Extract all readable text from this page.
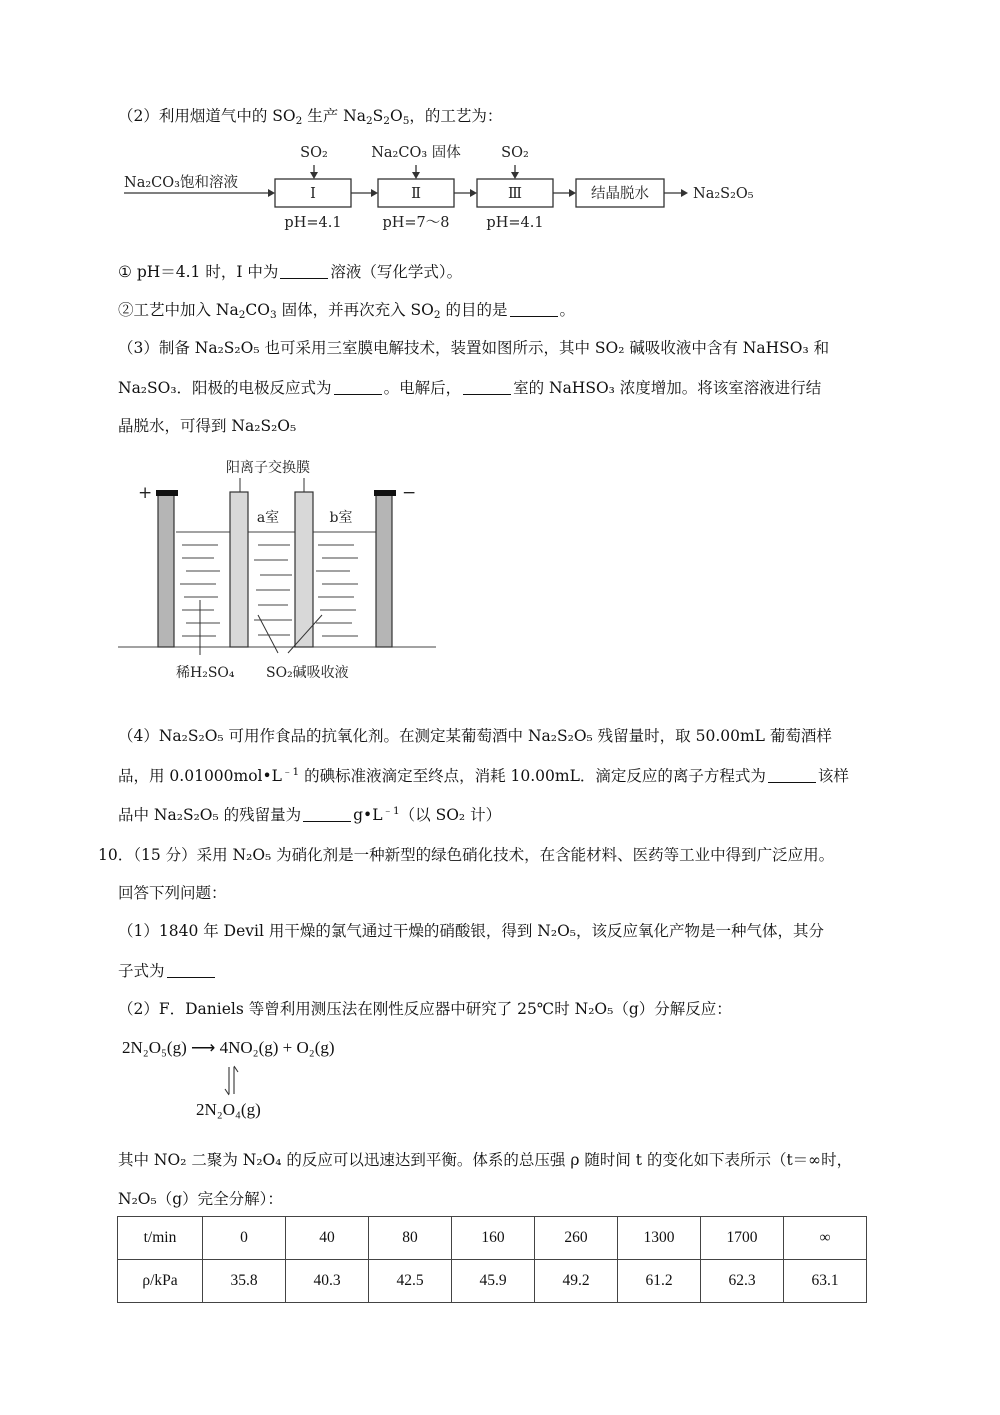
（2）利用烟道气中的 $SO_2$ 生产 $Na_2S_2O_5$，的工艺为：
Na₂CO₃饱和溶液
Ⅰ	Ⅱ	Ⅲ	结晶脱水
SO₂	Na₂CO₃ 固体	SO₂
pH=4.1	pH=7～8	pH=4.1
Na₂S₂O₅
① pH＝4.1 时，Ⅰ 中为	溶液（写化学式）。
②工艺中加入 $Na_2CO_3$ 固体，并再次充入 $SO_2$ 的目的是	。
（3）制备 Na₂S₂O₅ 也可采用三室膜电解技术，装置如图所示，其中 SO₂ 碱吸收液中含有 NaHSO₃ 和
Na₂SO₃．阳极的电极反应式为	。电解后，	室的 NaHSO₃ 浓度增加。将该室溶液进行结
晶脱水，可得到 Na₂S₂O₅
阳离子交换膜
a室	b室
+	−
稀H₂SO₄ SO₂碱吸收液
（4）Na₂S₂O₅ 可用作食品的抗氧化剂。在测定某葡萄酒中 Na₂S₂O₅ 残留量时，取 50.00mL 葡萄酒样
品，用 $0.01000mol•L^{﹣1}$ 的碘标准液滴定至终点，消耗 10.00mL．滴定反应的离子方程式为	该样
品中 Na₂S₂O₅ 的残留量为	$g•L^{﹣1}$（以 SO₂ 计）
10．（15 分）采用 N₂O₅ 为硝化剂是一种新型的绿色硝化技术，在含能材料、医药等工业中得到广泛应用。
回答下列问题：
（1）1840 年 Devil 用干燥的氯气通过干燥的硝酸银，得到 N₂O₅，该反应氧化产物是一种气体，其分
子式为
（2）F．Daniels 等曾利用测压法在刚性反应器中研究了 25℃时 N₂O₅（g）分解反应：
2N₂O₅(g) ⟶ 4NO₂(g) + O₂(g)
2N₂O₄(g)
其中 NO₂ 二聚为 N₂O₄ 的反应可以迅速达到平衡。体系的总压强 ρ 随时间 t 的变化如下表所示（t＝∞时，
N₂O₅（g）完全分解）：
t/min	0	40	80	160	260	1300	1700	∞
ρ/kPa	35.8	40.3	42.5	45.9	49.2	61.2	62.3	63.1
